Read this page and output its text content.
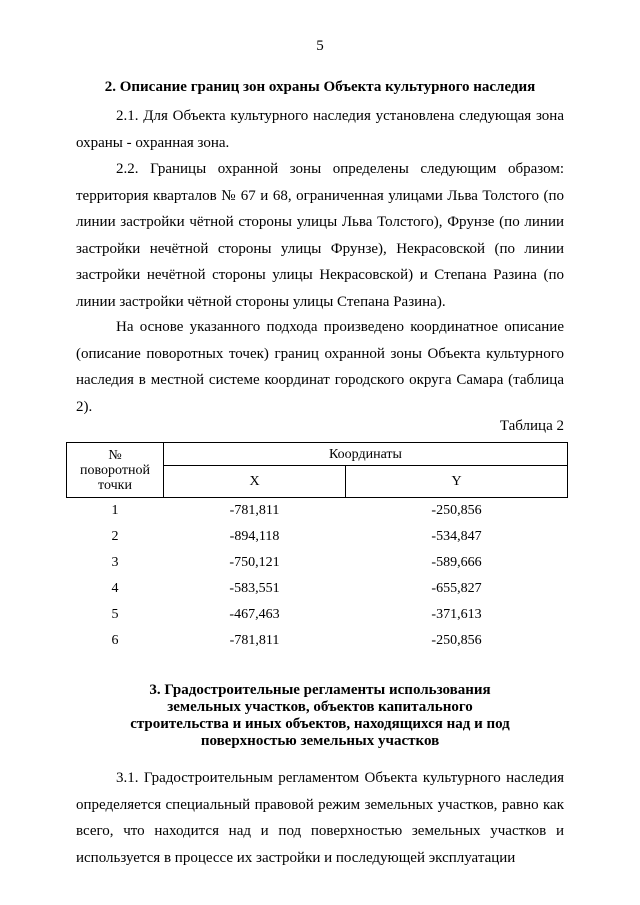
5
2. Описание границ зон охраны Объекта культурного наследия

2.1. Для Объекта культурного наследия установлена следующая зона охраны - охранная зона.

2.2. Границы охранной зоны определены следующим образом: территория кварталов № 67 и 68, ограниченная улицами Льва Толстого (по линии застройки чётной стороны улицы Льва Толстого), Фрунзе (по линии застройки нечётной стороны улицы Фрунзе), Некрасовской (по линии застройки нечётной стороны улицы Некрасовской) и Степана Разина (по линии застройки чётной стороны улицы Степана Разина).

На основе указанного подхода произведено координатное описание (описание поворотных точек) границ охранной зоны Объекта культурного наследия в местной системе координат городского округа Самара (таблица 2).

Таблица 2
№
поворотной
точки	Координаты	
	X	Y
1	-781,811	-250,856
2	-894,118	-534,847
3	-750,121	-589,666
4	-583,551	-655,827
5	-467,463	-371,613
6	-781,811	-250,856
3. Градостроительные регламенты использования земельных участков, объектов капитального строительства и иных объектов, находящихся над и под поверхностью земельных участков

3.1. Градостроительным регламентом Объекта культурного наследия определяется специальный правовой режим земельных участков, равно как всего, что находится над и под поверхностью земельных участков и используется в процессе их застройки и последующей эксплуатации
